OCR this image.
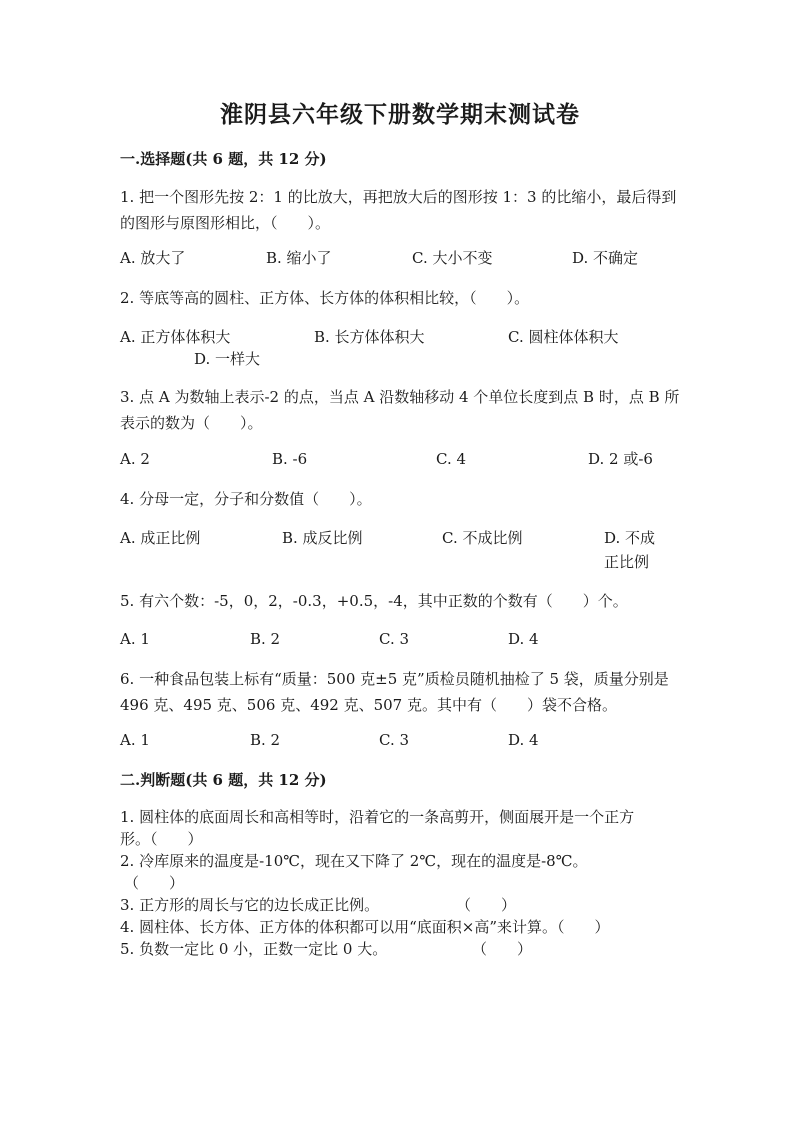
淮阴县六年级下册数学期末测试卷
一.选择题(共 6 题，共 12 分)
1. 把一个图形先按 2：1 的比放大，再把放大后的图形按 1：3 的比缩小，最后得到的图形与原图形相比，（　　）。
A. 放大了	B. 缩小了	C. 大小不变	D. 不确定
2. 等底等高的圆柱、正方体、长方体的体积相比较，（　　）。
A. 正方体体积大	B. 长方体体积大	C. 圆柱体体积大
D. 一样大
3. 点 A 为数轴上表示-2 的点，当点 A 沿数轴移动 4 个单位长度到点 B 时，点 B 所表示的数为（　　）。
A. 2	B. -6	C. 4	D. 2 或-6
4. 分母一定，分子和分数值（　　）。
A. 成正比例	B. 成反比例	C. 不成比例	D. 不成正比例
5. 有六个数：-5，0，2，-0.3，+0.5，-4，其中正数的个数有（　　）个。
A. 1	B. 2	C. 3	D. 4
6. 一种食品包装上标有“质量：500 克±5 克”质检员随机抽检了 5 袋，质量分别是 496 克、495 克、506 克、492 克、507 克。其中有（　　）袋不合格。
A. 1	B. 2	C. 3	D. 4
二.判断题(共 6 题，共 12 分)
1. 圆柱体的底面周长和高相等时，沿着它的一条高剪开，侧面展开是一个正方
形。（　　）
2. 冷库原来的温度是-10℃，现在又下降了 2℃，现在的温度是-8℃。
（　　）
3. 正方形的周长与它的边长成正比例。	（　　）
4. 圆柱体、长方体、正方体的体积都可以用“底面积×高”来计算。（　　）
5. 负数一定比 0 小，正数一定比 0 大。	（　　）
